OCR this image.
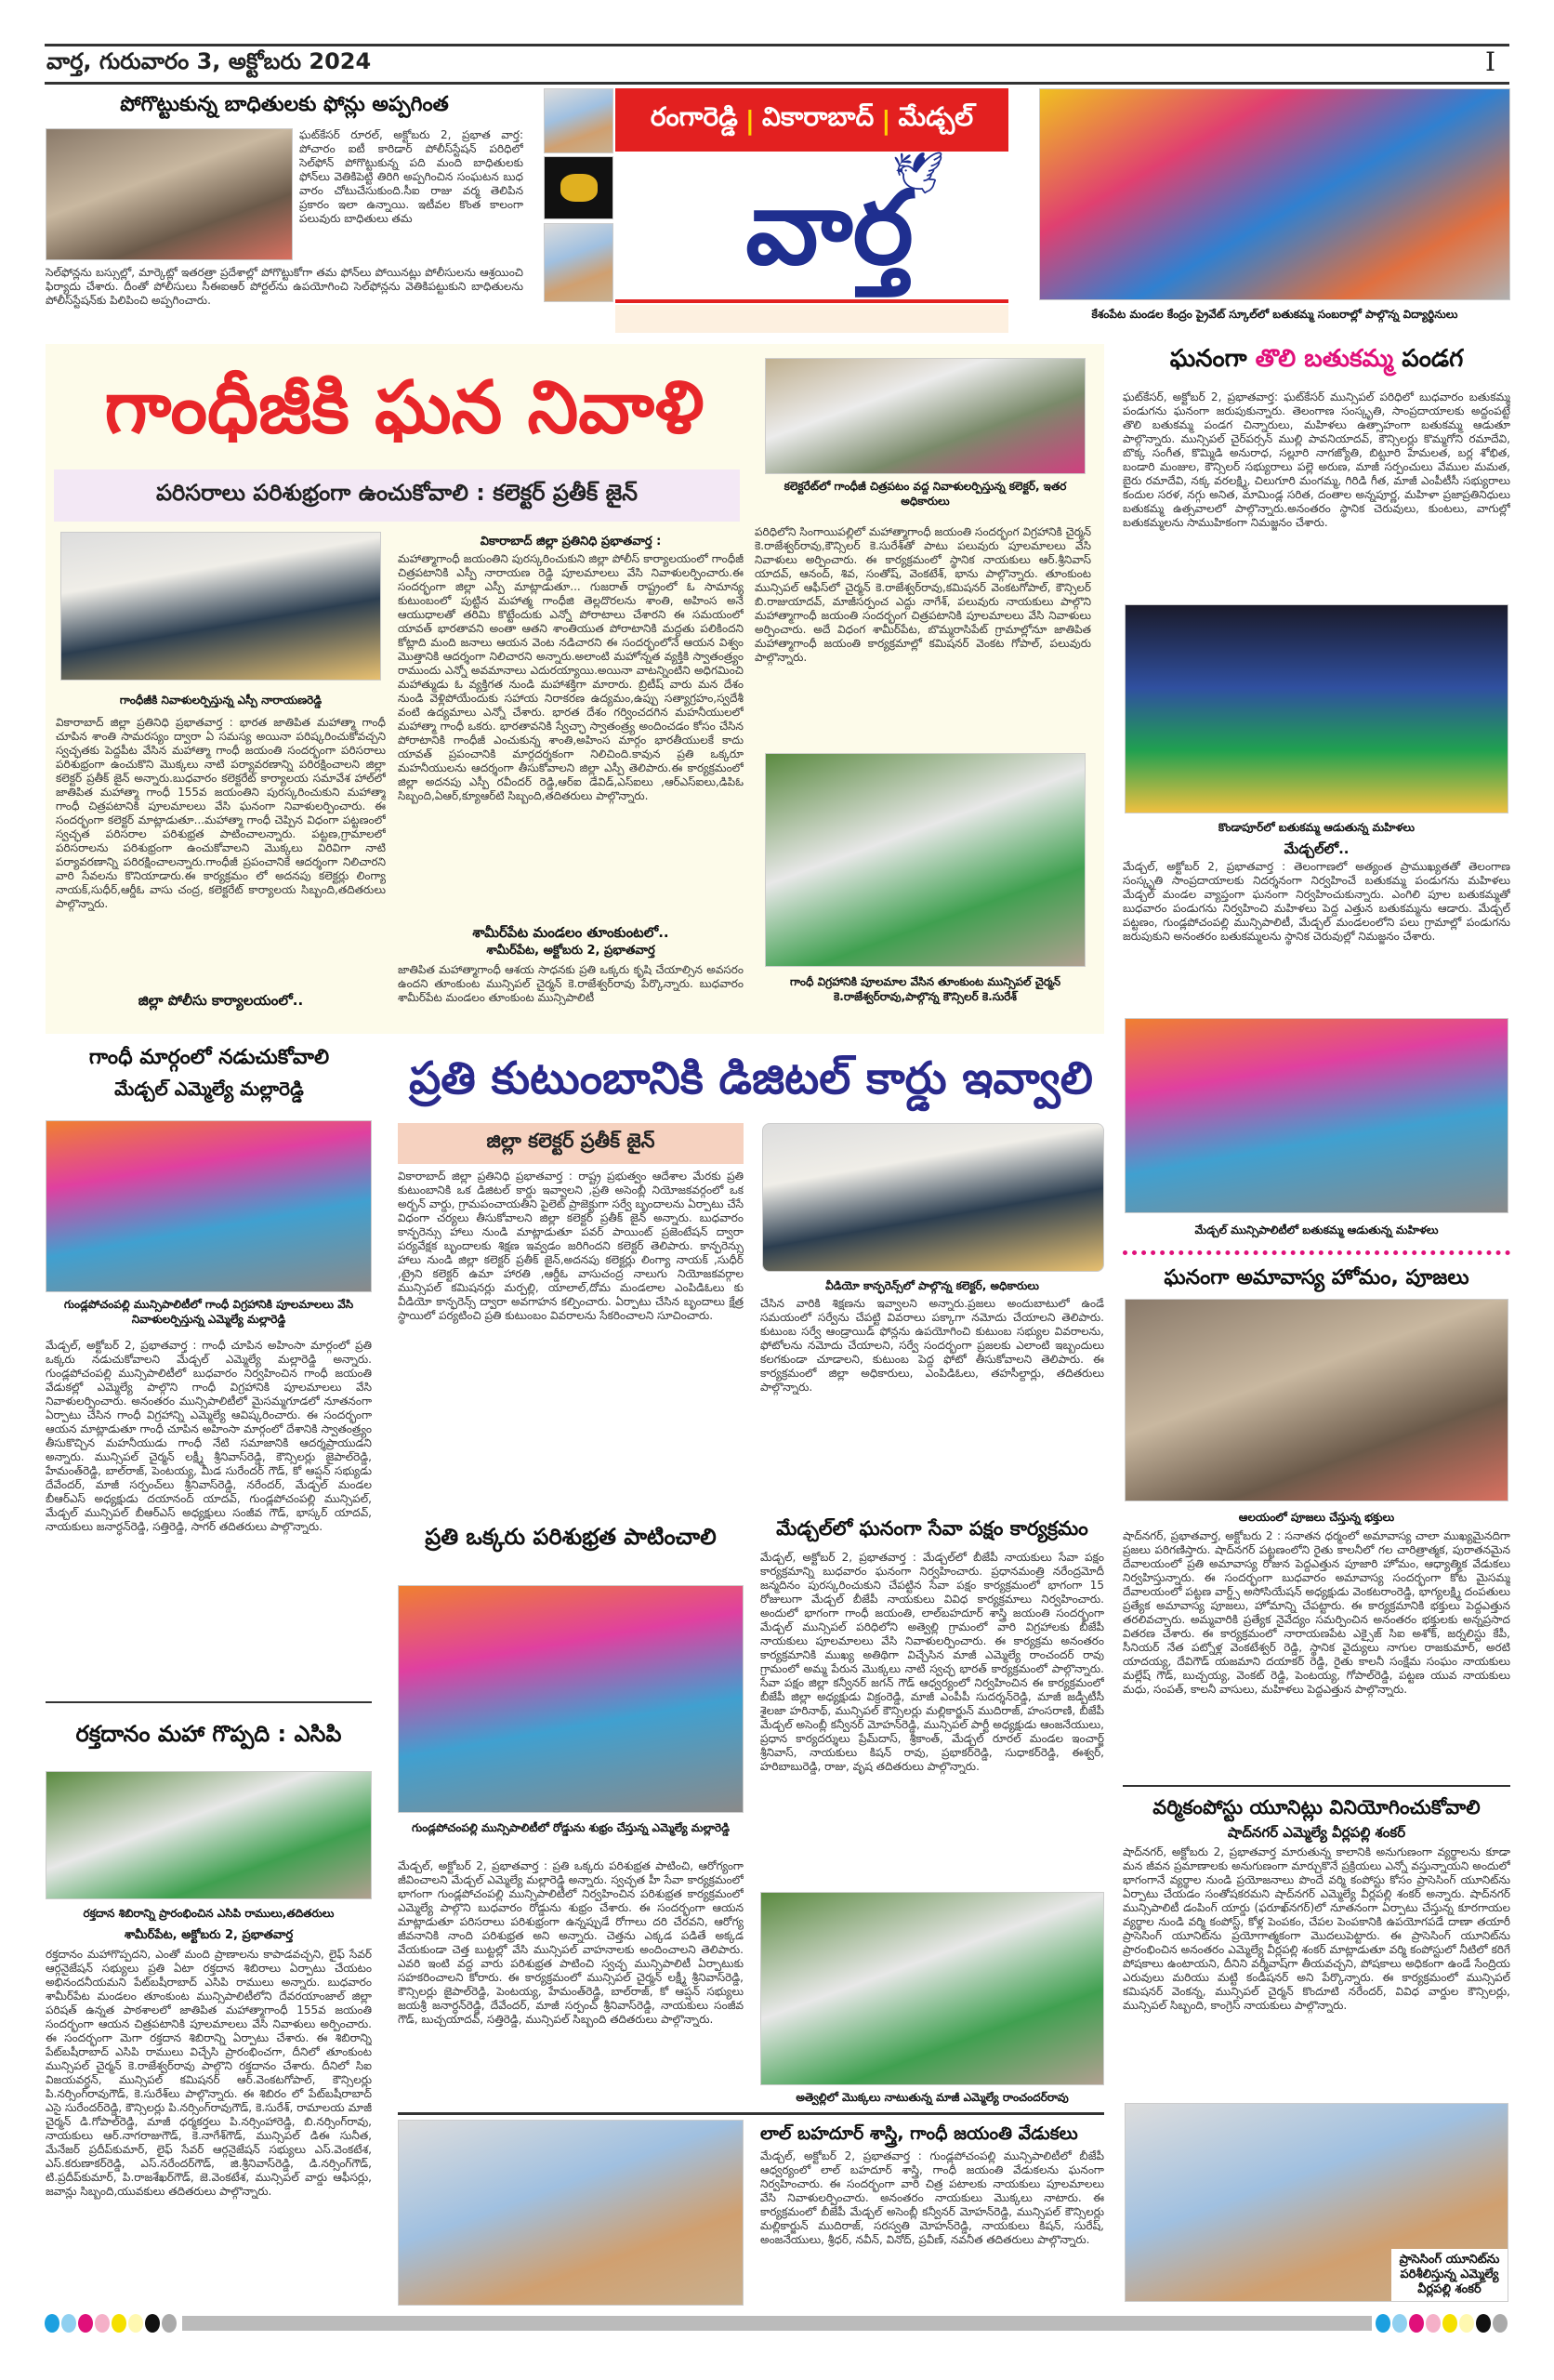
వార్త, గురువారం 3, అక్టోబరు 2024	I
పోగొట్టుకున్న బాధితులకు ఫోన్లు అప్పగింత
ఘట్‌కేసర్ రూరల్, అక్టోబరు 2, ప్రభాత వార్త: పోచారం ఐటీ కారిడార్ పోలీస్‌స్టేషన్ పరిధిలో సెల్‌ఫోన్ పోగొట్టుకున్న పది మంది బాధితులకు ఫోన్‌లు వెతికిపెట్టి తిరిగి అప్పగించిన సంఘటన బుధ వారం చోటుచేసుకుంది.సీఐ రాజు వర్మ తెలిపిన ప్రకారం ఇలా ఉన్నాయి. ఇటీవల కొంత కాలంగా పలువురు బాధితులు తమ
సెల్‌ఫోన్లను బస్సుల్లో, మార్కెట్లో ఇతరత్రా ప్రదేశాల్లో పోగొట్టుకోగా తమ ఫోన్‌లు పోయినట్లు పోలీసులను ఆశ్రయించి ఫిర్యాదు చేశారు. దీంతో పోలీసులు సీఈఐఆర్ పోర్టల్‌ను ఉపయోగించి సెల్‌ఫోన్లను వెతికిపట్టుకుని బాధితులను పోలీస్‌స్టేషన్‌కు పిలిపించి అప్పగించారు.
రంగారెడ్డి | వికారాబాద్ | మేడ్చల్
🕊
వార్త
కేశంపేట మండల కేంద్రం ప్రైవేట్ స్కూల్‌లో బతుకమ్మ సంబరాల్లో పాల్గొన్న విద్యార్థినులు
గాంధీజీకి ఘన నివాళి
పరిసరాలు పరిశుభ్రంగా ఉంచుకోవాలి : కలెక్టర్ ప్రతీక్ జైన్
గాంధీజీకి నివాళులర్పిస్తున్న ఎస్పీ నారాయణరెడ్డి
వికారాబాద్ జిల్లా ప్రతినిధి ప్రభాతవార్త : భారత జాతిపిత మహాత్మా గాంధీ చూపిన శాంతి సామరస్యం ద్వారా ఏ సమస్య అయినా పరిష్కరించుకోవచ్చని స్వచ్ఛతకు పెద్దపీట వేసిన మహాత్మా గాంధీ జయంతి సందర్భంగా పరిసరాలు పరిశుభ్రంగా ఉంచుకొని మొక్కలు నాటి పర్యావరణాన్ని పరిరక్షించాలని జిల్లా కలెక్టర్ ప్రతీక్ జైన్ అన్నారు.బుధవారం కలెక్టరేట్ కార్యాలయ సమావేశ హాల్‌లో జాతిపిత మహాత్మా గాంధీ 155వ జయంతిని పురస్కరించుకుని మహాత్మా గాంధీ చిత్రపటానికి పూలమాలలు వేసి ఘనంగా నివాళులర్పించారు. ఈ సందర్భంగా కలెక్టర్ మాట్లాడుతూ...మహాత్మా గాంధీ చెప్పిన విధంగా పట్టణంలో స్వచ్ఛత పరిసరాల పరిశుభ్రత పాటించాలన్నారు. పట్టణ,గ్రామాలలో పరిసరాలను పరిశుభ్రంగా ఉంచుకోవాలని మొక్కలు విరివిగా నాటి పర్యావరణాన్ని పరిరక్షించాలన్నారు.గాంధీజీ ప్రపంచానికే ఆదర్శంగా నిలిచారని వారి సేవలను కొనియాడారు.ఈ కార్యక్రమం లో అదనపు కలెక్టర్లు లింగ్యా నాయక్,సుధీర్,ఆర్డీఓ వాసు చంద్ర, కలెక్టరేట్ కార్యాలయ సిబ్బంది,తదితరులు పాల్గొన్నారు.
జిల్లా పోలీసు కార్యాలయంలో..
వికారాబాద్ జిల్లా ప్రతినిధి ప్రభాతవార్త :
మహాత్మాగాంధీ జయంతిని పురస్కరించుకుని జిల్లా పోలీస్ కార్యాలయంలో గాంధీజీ చిత్రపటానికి ఎస్పీ నారాయణ రెడ్డి పూలమాలలు వేసి నివాళులర్పించారు.ఈ సందర్భంగా జిల్లా ఎస్పీ మాట్లాడుతూ... గుజరాత్ రాష్ట్రంలో ఓ సామాన్య కుటుంబంలో పుట్టిన మహాత్మ గాంధీజి తెల్లదొరలను శాంతి, అహింస అనే ఆయుధాలతో తరిమి కొట్టేందుకు ఎన్నో పోరాటాలు చేశారని ఈ సమయంలో యావత్ భారతావని అంతా ఆతని శాంతియుత పోరాటానికి మద్దతు పలికిందని కోట్లాది మంది జనాలు ఆయన వెంట నడిచారని ఈ సందర్భంలోనే ఆయన విశ్వం మొత్తానికి ఆదర్శంగా నిలిచారని అన్నారు.అలాంటి మహోన్నత వ్యక్తికి స్వాతంత్ర్యం రాముందు ఎన్నో అవమానాలు ఎదురయ్యాయి.అయినా వాటన్నింటిని అధిగమించి మహాత్ముడు ఓ వ్యక్తిగత నుండి మహాశక్తిగా మారారు. బ్రిటీష్ వారు మన దేశం నుండి వెళ్లిపోయేందుకు సహాయ నిరాకరణ ఉద్యమం,ఉప్పు సత్యాగ్రహం,స్వదేశీ వంటి ఉద్యమాలు ఎన్నో చేశారు. భారత దేశం గర్వించదగిన మహనీయులలో మహాత్మా గాంధీ ఒకరు. భారతావనికి స్వేచ్ఛా స్వాతంత్ర్య అందించడం కోసం చేసిన పోరాటానికి గాంధీజీ ఎంచుకున్న శాంతి,అహింస మార్గం భారతీయులకే కాదు యావత్ ప్రపంచానికి మార్గదర్శకంగా నిలిచింది.కావున ప్రతి ఒక్కరూ మహనీయులను ఆదర్శంగా తీసుకోవాలని జిల్లా ఎస్పీ తెలిపారు.ఈ కార్యక్రమంలో జిల్లా అదనపు ఎస్పీ రవీందర్ రెడ్డి,ఆర్‌ఐ డేవిడ్,ఎస్‌ఐలు ,ఆర్‌ఎస్‌ఐలు,డిపిఓ సిబ్బంది,ఏఆర్,క్యూఆర్‌టి సిబ్బంది,తదితరులు పాల్గొన్నారు.
శామీర్‌పేట మండలం తూంకుంటలో..
శామీర్‌పేట, అక్టోబరు 2, ప్రభాతవార్త
జాతిపిత మహాత్మాగాంధీ ఆశయ సాధనకు ప్రతి ఒక్కరు కృషి చేయాల్సిన అవసరం ఉందని తూంకుంట మున్సిపల్ చైర్మన్ కె.రాజేశ్వర్‌రావు పేర్కొన్నారు. బుధవారం శామీర్‌పేట మండలం తూంకుంట మున్సిపాలిటీ
కలెక్టరేట్‌లో గాంధీజీ చిత్రపటం వద్ద నివాళులర్పిస్తున్న కలెక్టర్, ఇతర అధికారులు
పరిధిలోని సింగాయిపల్లిలో మహాత్మాగాంధీ జయంతి సందర్భంగ విగ్రహానికి చైర్మన్ కె.రాజేశ్వర్‌రావు,కౌన్సిలర్ కె.సురేశ్‌తో పాటు పలువురు పూలమాలలు వేసి నివాళులు అర్పించారు. ఈ కార్యక్రమంలో స్థానిక నాయకులు ఆర్.శ్రీనివాస్ యాదవ్, ఆనంద్, శివ, సంతోష్, వెంకటేశ్, భాను పాల్గొన్నారు. తూంకుంట మున్సిపల్ ఆఫీస్‌లో చైర్మన్ కె.రాజేశ్వర్‌రావు,కమిషనర్ వెంకటగోపాల్, కౌన్సిలర్ బి.రాజుయాదవ్, మాజీసర్పంచ ఎద్దు నాగేశ్, పలువురు నాయకులు పాల్గొని మహాత్మాగాంధీ జయంతి సందర్భంగ చిత్రపటానికి పూలమాలలు వేసి నివాళులు అర్పించారు. అదే విధంగ శామీర్‌పేట, బొమ్మరాసిపేట్ గ్రామాల్లోనూ జాతిపిత మహాత్మాగాంధీ జయంతి కార్యక్రమాల్లో కమిషనర్ వెంకట గోపాల్, పలువురు పాల్గొన్నారు.
గాంధీ విగ్రహానికి పూలమాల వేసిన తూంకుంట మున్సిపల్ చైర్మన్ కె.రాజేశ్వర్‌రావు,పాల్గొన్న కౌన్సిలర్ కె.సురేశ్
ఘనంగా తొలి బతుకమ్మ పండగ
ఘట్‌కేసర్, అక్టోబర్ 2, ప్రభాతవార్త: ఘట్‌కేసర్ మున్సిపల్ పరిధిలో బుధవారం బతుకమ్మ పండుగను ఘనంగా జరుపుకున్నారు. తెలంగాణ సంస్కృతి, సాంప్రదాయాలకు అద్దంపట్టే తొలి బతుకమ్మ పండగ చిన్నారులు, మహిళలు ఉత్సాహంగా బతుకమ్మ ఆడుతూ పాల్గొన్నారు. మున్సిపల్ చైర్‌పర్సన్ ముల్లి పావనియాదవ్, కౌన్సిలర్లు కొమ్మగోని రమాదేవి, బొక్క సంగీత, కొమ్మిడి అనురాధ, సల్లూరి నాగజ్యోతి, బిట్టూరి హేమలత, బర్ల శోభిత, బండారి మంజుల, కౌన్సిలర్ సభ్యురాలు పల్లె అరుణ, మాజీ సర్పంచులు వేముల మమత, బైరు రమాదేవి, నక్క వరలక్ష్మి, చిలుగూరి మంగమ్మ, గిరిడి గీత, మాజీ ఎంపీటీసీ సభ్యురాలు కందుల సరళ, నగ్గు అనిత, మామిండ్ల సరిత, దంతాల అన్నపూర్ణ, మహిళా ప్రజాప్రతినిధులు బతుకమ్మ ఉత్సవాలలో పాల్గొన్నారు.అనంతరం స్థానిక చెరువులు, కుంటలు, వాగుల్లో బతుకమ్మలను సాముహికంగా నిమజ్జనం చేశారు.
కొండాపూర్‌లో బతుకమ్మ ఆడుతున్న మహిళలు
మేడ్చల్‌లో..
మేడ్చల్, అక్టోబర్ 2, ప్రభాతవార్త : తెలంగాణలో అత్యంత ప్రాముఖ్యతతో తెలంగాణ సంస్కృతి సాంప్రదాయాలకు నిదర్శనంగా నిర్వహించే బతుకమ్మ పండుగను మహిళలు మేడ్చల్ మండల వ్యాప్తంగా ఘనంగా నిర్వహించుకున్నారు. ఎంగిలి పూల బతుకమ్మతో బుధవారం పండుగను నిర్వహించి మహిళలు పెద్ద ఎత్తున బతుకమ్మను ఆడారు. మేడ్చల్ పట్టణం, గుండ్లపోచంపల్లి మున్సిపాలిటీ, మేడ్చల్ మండలంలోని పలు గ్రామాల్లో పండుగను జరుపుకుని అనంతరం బతుకమ్మలను స్థానిక చెరువుల్లో నిమజ్జనం చేశారు.
మేడ్చల్ మున్సిపాలిటీలో బతుకమ్మ ఆడుతున్న మహిళలు
ఘనంగా అమావాస్య హోమం, పూజలు
ఆలయంలో పూజలు చేస్తున్న భక్తులు
షాద్‌నగర్, ప్రభాతవార్త, అక్టోబరు 2 : సనాతన ధర్మంలో అమావాస్య చాలా ముఖ్యమైనదిగా ప్రజలు పరిగణిస్తారు. షాద్‌నగర్ పట్టణంలోని రైతు కాలనీలో గల చారిత్రాత్మక, పురాతనమైన దేవాలయంలో ప్రతి అమావాస్య రోజున పెద్దఎత్తున పూజారి హోమం, ఆధ్యాత్మిక వేడుకలు నిర్వహిస్తున్నారు. ఈ సందర్భంగా బుధవారం అమావాస్య సందర్భంగా కోట మైసమ్మ దేవాలయంలో పట్టణ వార్డ్స్ అసోసియేషన్ అధ్యక్షుడు వెంకటరాంరెడ్డి, భాగ్యలక్ష్మి దంపతులు ప్రత్యేక అమావాస్య పూజలు, హోమాన్ని చేపట్టారు. ఈ కార్యక్రమానికి భక్తులు పెద్దఎత్తున తరలివచ్చారు. అమ్మవారికి ప్రత్యేక నైవేద్యం సమర్పించిన అనంతరం భక్తులకు అన్నప్రసాద వితరణ చేశారు. ఈ కార్యక్రమంలో నారాయణపేట ఎక్సైజ్ సిఐ అశోక్, జర్నలిస్టు కేపీ, సీనియర్ నేత పట్నోళ్ల వెంకటేశ్వర్ రెడ్డి, స్థానిక వైద్యులు నాగుల రాజకుమార్, అరటి యాదయ్య, దేవిగౌడ్ యజమాని దయాకర్ రెడ్డి, రైతు కాలనీ సంక్షేమ సంఘం నాయకులు మల్లేష్ గౌడ్, బుచ్చయ్య, వెంకట్ రెడ్డి, పెంటయ్య, గోపాల్‌రెడ్డి, పట్టణ యువ నాయకులు మధు, సంపత్, కాలనీ వాసులు, మహిళలు పెద్దఎత్తున పాల్గొన్నారు.
వర్మికంపోస్టు యూనిట్లు వినియోగించుకోవాలి
షాద్‌నగర్ ఎమ్మెల్యే వీర్లపల్లి శంకర్
షాద్‌నగర్, అక్టోబరు 2, ప్రభాతవార్త మారుతున్న కాలానికి అనుగుణంగా వ్యర్థాలను కూడా మన జీవన ప్రమాణాలకు అనుగుణంగా మార్చుకొనే ప్రక్రియలు ఎన్నో వస్తున్నాయని అందులో భాగంగానే వ్యర్థాల నుండి ప్రయోజనాలు పొందే వర్మి కంపోస్టు కోసం ప్రాసెసింగ్ యూనిట్‌ను ఏర్పాటు చేయడం సంతోషకరమని షాద్‌నగర్ ఎమ్మెల్యే వీర్లపల్లి శంకర్ అన్నారు. షాద్‌నగర్ మున్సిపాలిటీ డంపింగ్ యార్డు (ఫరూఖ్‌నగర్)లో నూతనంగా ఏర్పాటు చేస్తున్న కూరగాయల వ్యర్థాల నుండి వర్మి కంపోస్ట్, కోళ్ల పెంపకం, చేపల పెంపకానికి ఉపయోగపడే దాణా తయారీ ప్రాసెసింగ్ యూనిట్‌ను ప్రయోగాత్మకంగా మొదలుపెట్టారు. ఈ ప్రాసెసింగ్ యూనిట్‌ను ప్రారంభించిన అనంతరం ఎమ్మెల్యే వీర్లపల్లి శంకర్ మాట్లాడుతూ వర్మి కంపోస్టులో నీటిలో కరిగే పోషకాలు ఉంటాయని, దీనిని వర్మీవాష్‌గా తీయవచ్చని, పోషకాలు అధికంగా ఉండే సేంద్రియ ఎరువులు మరియు మట్టి కండీషనర్ అని పేర్కొన్నారు. ఈ కార్యక్రమంలో మున్సిపల్ కమిషనర్ వెంకన్న, మున్సిపల్ చైర్మన్ కొందూటి నరేందర్, వివిధ వార్డుల కౌన్సిలర్లు, మున్సిపల్ సిబ్బంది, కాంగ్రెస్ నాయకులు పాల్గొన్నారు.
ప్రాసెసింగ్ యూనిట్‌ను పరిశీలిస్తున్న ఎమ్మెల్యే వీర్లపల్లి శంకర్
గాంధీ మార్గంలో నడుచుకోవాలి
మేడ్చల్ ఎమ్మెల్యే మల్లారెడ్డి
గుండ్లపోచంపల్లి మున్సిపాలిటీలో గాంధీ విగ్రహానికి పూలమాలలు వేసి నివాళులర్పిస్తున్న ఎమ్మెల్యే మల్లారెడ్డి
మేడ్చల్, అక్టోబర్ 2, ప్రభాతవార్త : గాంధీ చూపిన అహింసా మార్గంలో ప్రతి ఒక్కరు నడుచుకోవాలని మేడ్చల్ ఎమ్మెల్యే మల్లారెడ్డి అన్నారు. గుండ్లపోచంపల్లి మున్సిపాలిటీలో బుధవారం నిర్వహించిన గాంధీ జయంతి వేడుకల్లో ఎమ్మెల్యే పాల్గొని గాంధీ విగ్రహానికి పూలమాలలు వేసి నివాళులర్పించారు. అనంతరం మున్సిపాలిటీలో మైసమ్మగూడలో నూతనంగా ఏర్పాటు చేసిన గాంధీ విగ్రహాన్ని ఎమ్మెల్యే ఆవిష్కరించారు. ఈ సందర్భంగా ఆయన మాట్లాడుతూ గాంధీ చూపిన అహింసా మార్గంలో దేశానికి స్వాతంత్ర్యం తీసుకొచ్చిన మహనీయుడు గాంధీ నేటి సమాజానికి ఆదర్శప్రాయుడని అన్నారు. మున్సిపల్ చైర్మన్ లక్ష్మీ శ్రీనివాస్‌రెడ్డి, కౌన్సిలర్లు జైపాల్‌రెడ్డి, హేమంత్‌రెడ్డి, బాల్‌రాజ్, పెంటయ్య, మీడ సురేందర్ గౌడ్, కో ఆప్షన్ సభ్యుడు దేవేందర్, మాజీ సర్పంచ్‌లు శ్రీనివాస్‌రెడ్డి, నరేందర్, మేడ్చల్ మండల బీఆర్‌ఎస్ అధ్యక్షుడు దయానంద్ యాదవ్, గుండ్లపోచంపల్లి మున్సిపల్, మేడ్చల్ మున్సిపల్ బీఆర్‌ఎస్ అధ్యక్షులు సంజీవ గౌడ్, భాస్కర్ యాదవ్, నాయకులు జనార్ధన్‌రెడ్డి, సత్తిరెడ్డి, సాగర్ తదితరులు పాల్గొన్నారు.
రక్తదానం మహా గొప్పది : ఎసిపి
రక్తదాన శిబిరాన్ని ప్రారంభించిన ఎసిపి రాములు,తదితరులు
శామీర్‌పేట, అక్టోబరు 2, ప్రభాతవార్త
రక్తదానం మహాగొప్పదని, ఎంతో మంది ప్రాణాలను కాపాడవచ్చని, లైఫ్ సేవర్ ఆర్గనైజేషన్ సభ్యులు ప్రతి ఏటా రక్తదాన శిబిరాలు ఏర్పాటు చేయటం అభినందనీయమని పేట్‌బషీరాబాద్ ఎసిపి రాములు అన్నారు. బుధవారం శామీర్‌పేట మండలం తూంకుంట మున్సిపాలిటీలోని దేవరయాంజాల్ జిల్లా పరిషత్ ఉన్నత పాఠశాలలో జాతిపిత మహాత్మాగాంధీ 155వ జయంతి సందర్భంగా ఆయన చిత్రపటానికి పూలమాలలు వేసి నివాళులు అర్పించారు. ఈ సందర్భంగా మెగా రక్తదాన శిబిరాన్ని ఏర్పాటు చేశారు. ఈ శిబిరాన్ని పేట్‌బషీరాబాద్ ఎసిపి రాములు విచ్చేసి ప్రారంభించగా, దీనిలో తూంకుంట మున్సిపల్ చైర్మన్ కె.రాజేశ్వర్‌రావు పాల్గొని రక్తదానం చేశారు. దీనిలో సిఐ విజయవర్ధన్, మున్సిపల్ కమిషనర్ ఆర్.వెంకటగోపాల్, కౌన్సిలర్లు పి.నర్సింగ్‌రావుగౌడ్, కె.సురేశ్‌లు పాల్గొన్నారు. ఈ శిబిరం లో పేట్‌బషీరాబాద్ ఎసై సురేందర్‌రెడ్డి, కౌన్సిలర్లు పి.నర్సింగ్‌రావుగౌడ్, కె.సురేశ్, రామాలయ మాజీ చైర్మన్ డి.గోపాల్‌రెడ్డి, మాజీ ధర్మకర్తలు పి.నర్సింహారెడ్డి, బి.నర్సింగ్‌రావు, నాయకులు ఆర్.నాగరాజుగౌడ్, కె.నాగేశ్‌గౌడ్, మున్సిపల్ డిఈ సునీత, మేనేజర్ ప్రదీప్‌కుమార్, లైఫ్ సేవర్ ఆర్గనైజేషన్ సభ్యులు ఎస్.వెంకటేశ, ఎస్.కరుణాకర్‌రెడ్డి, ఎస్.నరేందర్‌గౌడ్, జి.శ్రీనివాస్‌రెడ్డి, డి.నర్సింగ్‌గౌడ్, టి.ప్రదీప్‌కుమార్, పి.రాజశేఖర్‌గౌడ్, జె.వెంకటేశ, మున్సిపల్ వార్డు ఆఫీసర్లు, జవాన్లు సిబ్బంది,యువకులు తదితరులు పాల్గొన్నారు.
ప్రతి కుటుంబానికి డిజిటల్ కార్డు ఇవ్వాలి
జిల్లా కలెక్టర్ ప్రతీక్ జైన్
వికారాబాద్ జిల్లా ప్రతినిధి ప్రభాతవార్త : రాష్ట్ర ప్రభుత్వం ఆదేశాల మేరకు ప్రతి కుటుంబానికి ఒక డిజిటల్ కార్డు ఇవ్వాలని ,ప్రతి అసెంబ్లీ నియోజకవర్గంలో ఒక అర్బన్ వార్డు, గ్రామపంచాయతీని పైలెట్ ప్రాజెక్టుగా సర్వే బృందాలను ఏర్పాటు చేసే విధంగా చర్యలు తీసుకోవాలని జిల్లా కలెక్టర్ ప్రతీక్ జైన్ అన్నారు. బుధవారం కాన్ఫరెన్సు హాలు నుండి మాట్లాడుతూ పవర్ పాయింట్ ప్రజెంటేషన్ ద్వారా పర్యవేక్షక బృందాలకు శిక్షణ ఇవ్వడం జరిగిందని కలెక్టర్ తెలిపారు. కాన్ఫరెన్సు హాలు నుండి జిల్లా కలెక్టర్ ప్రతీక్ జైన్,అదనపు కలెక్టర్లు లింగ్యా నాయక్ ,సుధీర్ ,ట్రైని కలెక్టర్ ఉమా హారతి ,ఆర్డీఓ వాసుచంద్ర నాలుగు నియోజకవర్గాల మున్సిపల్ కమిషనర్లు మర్పల్లి, యాలాల్,దోమ మండలాల ఎంపిడిఓలు కు వీడియో కాన్ఫరెన్స్ ద్వారా అవగాహన కల్పించారు. ఏర్పాటు చేసిన బృందాలు క్షేత్ర స్థాయిలో పర్యటించి ప్రతి కుటుంబం వివరాలను సేకరించాలని సూచించారు.
వీడియో కాన్ఫరెన్స్‌లో పాల్గొన్న కలెక్టర్, అధికారులు
చేసిన వారికి శిక్షణను ఇవ్వాలని అన్నారు.ప్రజలు అందుబాటులో ఉండే సమయంలో సర్వేను చేపట్టి వివరాలు పక్కాగా నమోదు చేయాలని తెలిపారు. కుటుంబ సర్వే ఆండ్రాయిడ్ ఫోన్లను ఉపయోగించి కుటుంబ సభ్యుల వివరాలను, ఫోటోలను నమోదు చేయాలని, సర్వే సందర్భంగా ప్రజలకు ఎలాంటి ఇబ్బందులు కలగకుండా చూడాలని, కుటుంబ పెద్ద ఫోటో తీసుకోవాలని తెలిపారు. ఈ కార్యక్రమంలో జిల్లా అధికారులు, ఎంపిడిఓలు, తహసీల్దార్లు, తదితరులు పాల్గొన్నారు.
ప్రతి ఒక్కరు పరిశుభ్రత పాటించాలి
గుండ్లపోచంపల్లి మున్సిపాలిటీలో రోడ్డును శుభ్రం చేస్తున్న ఎమ్మెల్యే మల్లారెడ్డి
మేడ్చల్, అక్టోబర్ 2, ప్రభాతవార్త : ప్రతి ఒక్కరు పరిశుభ్రత పాటించి, ఆరోగ్యంగా జీవించాలని మేడ్చల్ ఎమ్మెల్యే మల్లారెడ్డి అన్నారు. స్వచ్ఛత హీ సేవా కార్యక్రమంలో భాగంగా గుండ్లపోచంపల్లి మున్సిపాలిటీలో నిర్వహించిన పరిశుభ్రత కార్యక్రమంలో ఎమ్మెల్యే పాల్గొని బుధవారం రోడ్డును శుభ్రం చేశారు. ఈ సందర్భంగా ఆయన మాట్లాడుతూ పరిసరాలు పరిశుభ్రంగా ఉన్నప్పుడే రోగాలు దరి చేరవని, ఆరోగ్య జీవనానికి నాంది పరిశుభ్రత అని అన్నారు. చెత్తను ఎక్కడ పడితే అక్కడ వేయకుండా చెత్త బుట్టల్లో వేసి మున్సిపల్ వాహనాలకు అందించాలని తెలిపారు. ఎవరి ఇంటి వద్ద వారు పరిశుభ్రత పాటించి స్వచ్ఛ మున్సిపాలిటీ ఏర్పాటుకు సహకరించాలని కోరారు. ఈ కార్యక్రమంలో మున్సిపల్ చైర్మన్ లక్ష్మీ శ్రీనివాస్‌రెడ్డి, కౌన్సిలర్లు జైపాల్‌రెడ్డి, పెంటయ్య, హేమంత్‌రెడ్డి, బాల్‌రాజ్, కో ఆప్షన్ సభ్యులు జయశ్రీ జనార్ధన్‌రెడ్డి, దేవేందర్, మాజీ సర్పంచ్ శ్రీనివాస్‌రెడ్డి, నాయకులు సంజీవ గౌడ్, బుచ్చయాదవ్, సత్తిరెడ్డి, మున్సిపల్ సిబ్బంది తదితరులు పాల్గొన్నారు.
మేడ్చల్‌లో ఘనంగా సేవా పక్షం కార్యక్రమం
మేడ్చల్, అక్టోబర్ 2, ప్రభాతవార్త : మేడ్చల్‌లో బీజేపీ నాయకులు సేవా పక్షం కార్యక్రమాన్ని బుధవారం ఘనంగా నిర్వహించారు. ప్రధానమంత్రి నరేంద్రమోదీ జన్మదినం పురస్కరించుకుని చేపట్టిన సేవా పక్షం కార్యక్రమంలో భాగంగా 15 రోజులుగా మేడ్చల్ బీజేపీ నాయకులు వివిధ కార్యక్రమాలు నిర్వహించారు. అందులో భాగంగా గాంధీ జయంతి, లాల్‌బహదూర్ శాస్త్రి జయంతి సందర్భంగా మేడ్చల్ మున్సిపల్ పరిధిలోని అత్వెల్లి గ్రామంలో వారి విగ్రహాలకు బీజేపీ నాయకులు పూలమాలలు వేసి నివాళులర్పించారు. ఈ కార్యక్రమ అనంతరం కార్యక్రమానికి ముఖ్య అతిథిగా విచ్చేసిన మాజీ ఎమ్మెల్యే రాంచందర్ రావు గ్రామంలో అమ్మ పేరున మొక్కలు నాటి స్వచ్ఛ భారత్ కార్యక్రమంలో పాల్గొన్నారు. సేవా పక్షం జిల్లా కన్వీనర్ జగన్ గౌడ్ ఆధ్వర్యంలో నిర్వహించిన ఈ కార్యక్రమంలో బీజేపీ జిల్లా అధ్యక్షుడు విక్రంరెడ్డి, మాజీ ఎంపీపీ సుదర్శన్‌రెడ్డి, మాజీ జడ్పీటీసీ శైలజా హరినాథ్, మున్సిపల్ కౌన్సిలర్లు మల్లికార్జున్ ముదిరాజ్, హంసరాణి, బీజేపీ మేడ్చల్ అసెంబ్లీ కన్వీనర్ మోహన్‌రెడ్డి, మున్సిపల్ పార్టీ అధ్యక్షుడు ఆంజనేయులు, ప్రధాన కార్యదర్శులు ప్రేమ్‌దాస్, శ్రీకాంత్, మేడ్చల్ రూరల్ మండల ఇంచార్జ్ శ్రీనివాస్, నాయకులు కిషన్ రావు, ప్రభాకర్‌రెడ్డి, సుధాకర్‌రెడ్డి, ఈశ్వర్, హరిబాబురెడ్డి, రాజు, వృష తదితరులు పాల్గొన్నారు.
అత్వెల్లిలో మొక్కలు నాటుతున్న మాజీ ఎమ్మెల్యే రాంచందర్‌రావు
లాల్ బహదూర్ శాస్త్రి, గాంధీ జయంతి వేడుకలు
మేడ్చల్, అక్టోబర్ 2, ప్రభాతవార్త : గుండ్లపోచంపల్లి మున్సిపాలిటీలో బీజేపీ ఆధ్వర్యంలో లాల్ బహదూర్ శాస్త్రి, గాంధీ జయంతి వేడుకలను ఘనంగా నిర్వహించారు. ఈ సందర్భంగా వారి చిత్ర పటాలకు నాయకులు పూలమాలలు వేసి నివాళులర్పించారు. అనంతరం నాయకులు మొక్కలు నాటారు. ఈ కార్యక్రమంలో బీజేపీ మేడ్చల్ అసెంబ్లీ కన్వీనర్ మోహన్‌రెడ్డి, మున్సిపల్ కౌన్సిలర్లు మల్లికార్జున్ ముదిరాజ్, సరస్వతి మోహన్‌రెడ్డి, నాయకులు కిషన్, సురేష్, అంజనేయులు, శ్రీధర్, నవీన్, వినోద్, ప్రవీణ్, నవనీత తదితరులు పాల్గొన్నారు.
